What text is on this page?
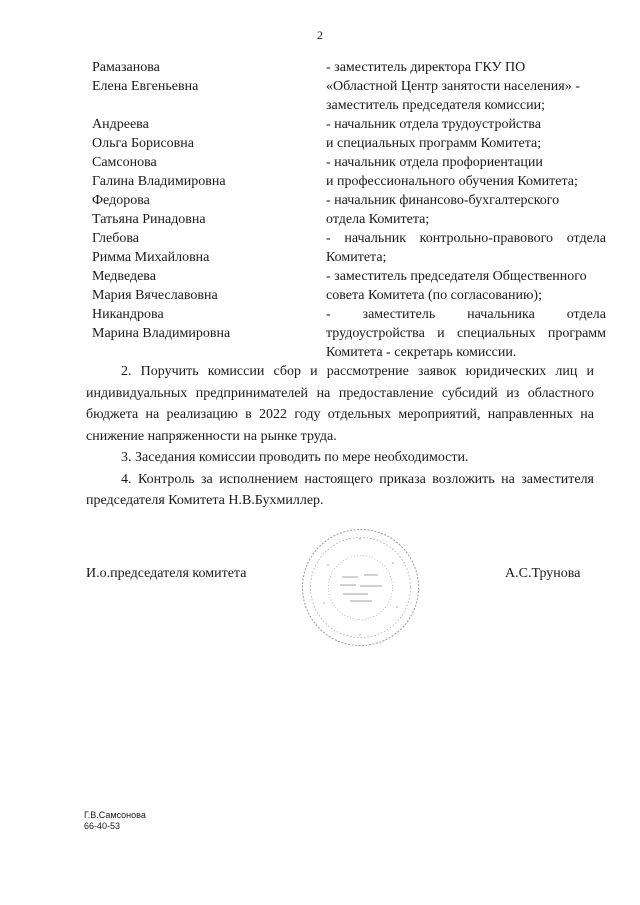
2
Рамазанова
Елена Евгеньевна
- заместитель директора ГКУ ПО
«Областной Центр занятости населения» -
заместитель председателя комиссии;
Андреева
Ольга Борисовна
- начальник отдела трудоустройства
и специальных программ Комитета;
Самсонова
Галина Владимировна
- начальник отдела профориентации
и профессионального обучения Комитета;
Федорова
Татьяна Ринадовна
- начальник финансово-бухгалтерского
отдела Комитета;
Глебова
Римма Михайловна
- начальник контрольно-правового отдела
Комитета;
Медведева
Мария Вячеславовна
- заместитель председателя Общественного
совета Комитета (по согласованию);
Никандрова
Марина Владимировна
- заместитель начальника отдела
трудоустройства и специальных программ
Комитета - секретарь комиссии.

2. Поручить комиссии сбор и рассмотрение заявок юридических лиц и индивидуальных предпринимателей на предоставление субсидий из областного бюджета на реализацию в 2022 году отдельных мероприятий, направленных на снижение напряженности на рынке труда.

3. Заседания комиссии проводить по мере необходимости.

4. Контроль за исполнением настоящего приказа возложить на заместителя председателя Комитета Н.В.Бухмиллер.

И.о.председателя комитета	А.С.Трунова
Г.В.Самсонова
66-40-53
